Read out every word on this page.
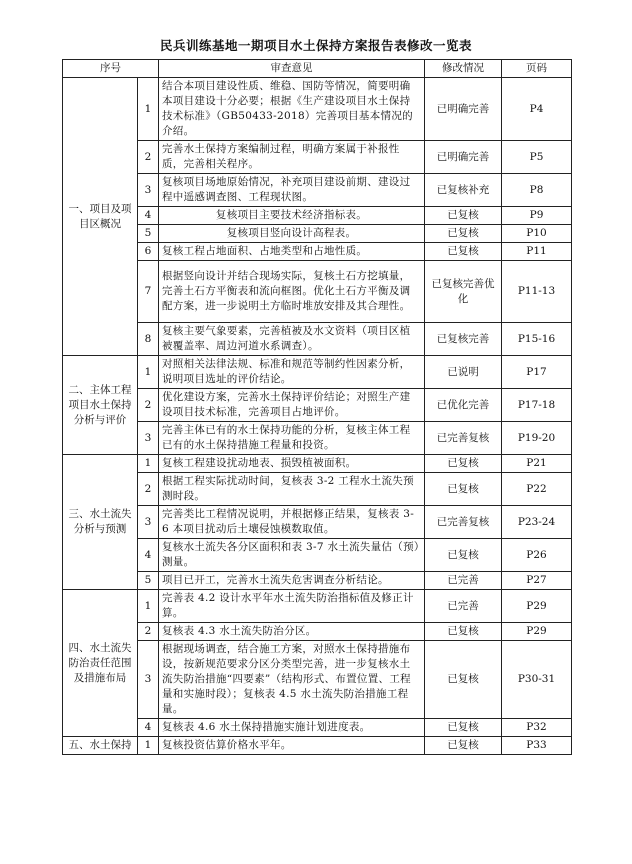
民兵训练基地一期项目水土保持方案报告表修改一览表
序号		审查意见	修改情况	页码
一、项目及项目区概况	1	结合本项目建设性质、维稳、国防等情况，简要明确本项目建设十分必要；根据《生产建设项目水土保持技术标准》（GB50433-2018）完善项目基本情况的介绍。	已明确完善	P4
	2	完善水土保持方案编制过程，明确方案属于补报性质，完善相关程序。	已明确完善	P5
	3	复核项目场地原始情况，补充项目建设前期、建设过程中遥感调查图、工程现状图。	已复核补充	P8
	4	复核项目主要技术经济指标表。	已复核	P9
	5	复核项目竖向设计高程表。	已复核	P10
	6	复核工程占地面积、占地类型和占地性质。	已复核	P11
	7	根据竖向设计并结合现场实际，复核土石方挖填量，完善土石方平衡表和流向框图。优化土石方平衡及调配方案，进一步说明土方临时堆放安排及其合理性。	已复核完善优化	P11-13
	8	复核主要气象要素，完善植被及水文资料（项目区植被覆盖率、周边河道水系调查）。	已复核完善	P15-16
二、主体工程项目水土保持分析与评价	1	对照相关法律法规、标准和规范等制约性因素分析，说明项目选址的评价结论。	已说明	P17
	2	优化建设方案，完善水土保持评价结论；对照生产建设项目技术标准，完善项目占地评价。	已优化完善	P17-18
	3	完善主体已有的水土保持功能的分析，复核主体工程已有的水土保持措施工程量和投资。	已完善复核	P19-20
三、水土流失分析与预测	1	复核工程建设扰动地表、损毁植被面积。	已复核	P21
	2	根据工程实际扰动时间，复核表 3-2 工程水土流失预测时段。	已复核	P22
	3	完善类比工程情况说明，并根据修正结果，复核表 3-6 本项目扰动后土壤侵蚀模数取值。	已完善复核	P23-24
	4	复核水土流失各分区面积和表 3-7 水土流失量估（预）测量。	已复核	P26
	5	项目已开工，完善水土流失危害调查分析结论。	已完善	P27
四、水土流失防治责任范围及措施布局	1	完善表 4.2 设计水平年水土流失防治指标值及修正计算。	已完善	P29
	2	复核表 4.3 水土流失防治分区。	已复核	P29
	3	根据现场调查，结合施工方案，对照水土保持措施布设，按新规范要求分区分类型完善，进一步复核水土流失防治措施“四要素”（结构形式、布置位置、工程量和实施时段）；复核表 4.5 水土流失防治措施工程量。	已复核	P30-31
	4	复核表 4.6 水土保持措施实施计划进度表。	已复核	P32
五、水土保持	1	复核投资估算价格水平年。	已复核	P33
